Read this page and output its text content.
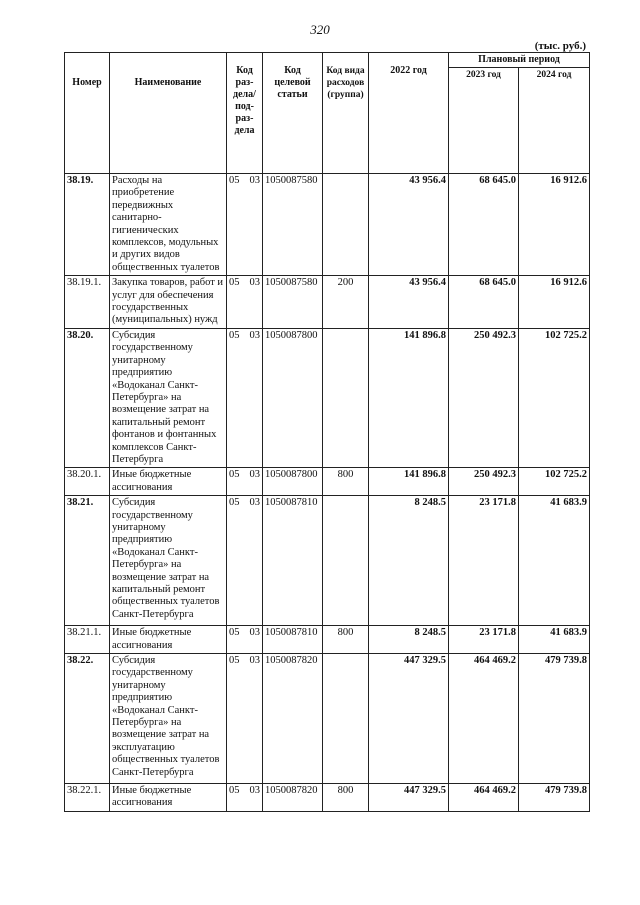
320
(тыс. руб.)
Номер	Наименование	Код раз-дела/ под-раз-дела	Код целевой статьи	Код вида расходов (группа)	2022 год	Плановый период	
						2023 год	2024 год
38.19.	Расходы на приобретение передвижных санитарно-гигиенических комплексов, модульных и других видов общественных туалетов	05 03	1050087580		43 956.4	68 645.0	16 912.6
38.19.1.	Закупка товаров, работ и услуг для обеспечения государственных (муниципальных) нужд	05 03	1050087580	200	43 956.4	68 645.0	16 912.6
38.20.	Субсидия государственному унитарному предприятию «Водоканал Санкт-Петербурга» на возмещение затрат на капитальный ремонт фонтанов и фонтанных комплексов Санкт-Петербурга	05 03	1050087800		141 896.8	250 492.3	102 725.2
38.20.1.	Иные бюджетные ассигнования	05 03	1050087800	800	141 896.8	250 492.3	102 725.2
38.21.	Субсидия государственному унитарному предприятию «Водоканал Санкт-Петербурга» на возмещение затрат на капитальный ремонт общественных туалетов Санкт-Петербурга	05 03	1050087810		8 248.5	23 171.8	41 683.9
38.21.1.	Иные бюджетные ассигнования	05 03	1050087810	800	8 248.5	23 171.8	41 683.9
38.22.	Субсидия государственному унитарному предприятию «Водоканал Санкт-Петербурга» на возмещение затрат на эксплуатацию общественных туалетов Санкт-Петербурга	05 03	1050087820		447 329.5	464 469.2	479 739.8
38.22.1.	Иные бюджетные ассигнования	05 03	1050087820	800	447 329.5	464 469.2	479 739.8
